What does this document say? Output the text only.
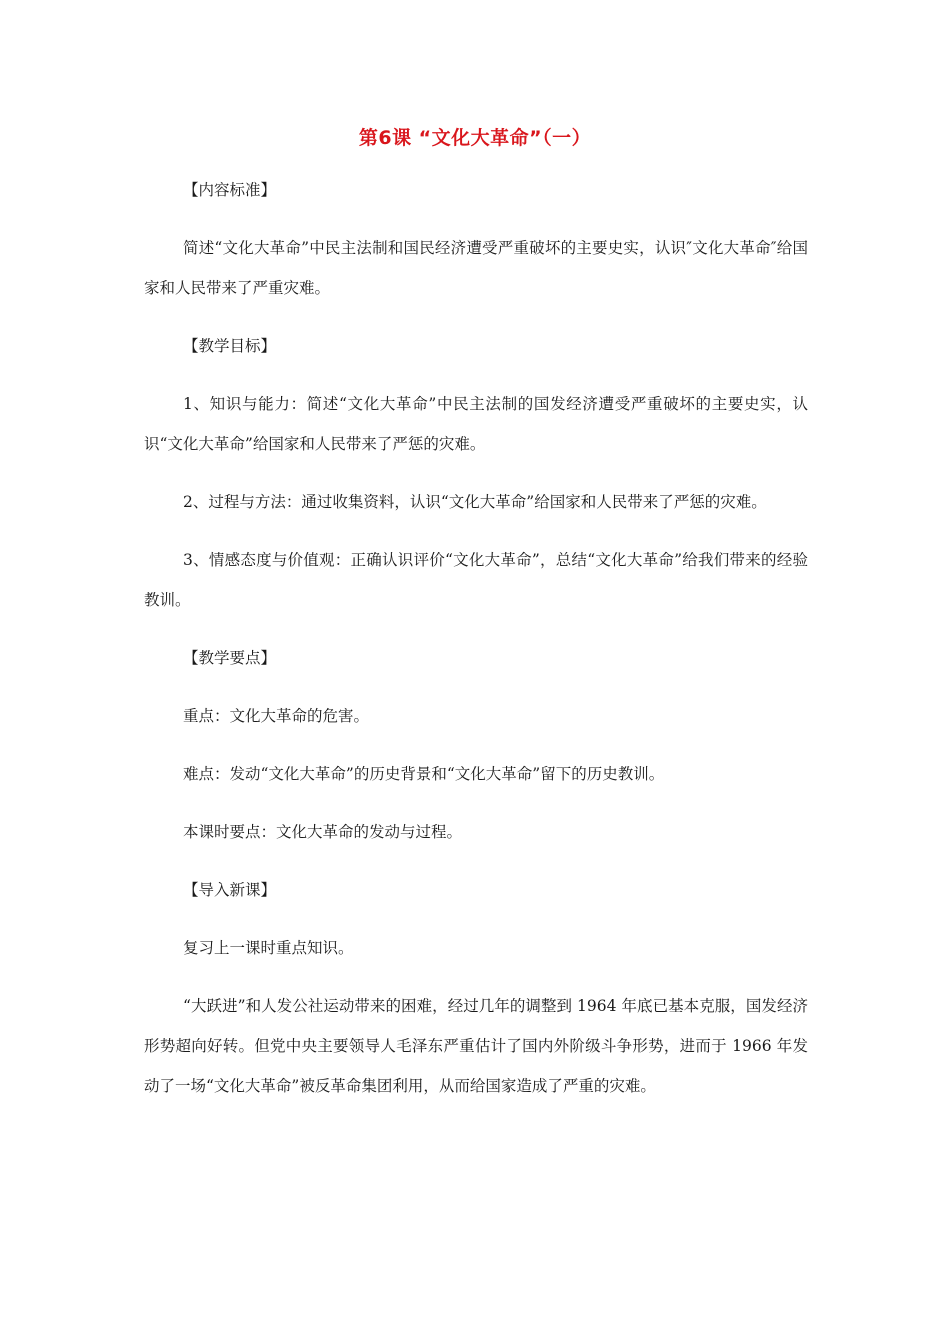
第6课 “文化大革命”（一）

【内容标准】

简述“文化大革命”中民主法制和国民经济遭受严重破坏的主要史实，认识″文化大革命″给国家和人民带来了严重灾难。

【教学目标】

1、知识与能力：简述“文化大革命”中民主法制的国发经济遭受严重破坏的主要史实，认识“文化大革命”给国家和人民带来了严惩的灾难。

2、过程与方法：通过收集资料，认识“文化大革命”给国家和人民带来了严惩的灾难。

3、情感态度与价值观：正确认识评价“文化大革命”，总结“文化大革命”给我们带来的经验教训。

【教学要点】

重点：文化大革命的危害。

难点：发动“文化大革命”的历史背景和“文化大革命”留下的历史教训。

本课时要点：文化大革命的发动与过程。

【导入新课】

复习上一课时重点知识。

“大跃进”和人发公社运动带来的困难，经过几年的调整到 1964 年底已基本克服，国发经济形势超向好转。但党中央主要领导人毛泽东严重估计了国内外阶级斗争形势，进而于 1966 年发动了一场“文化大革命”被反革命集团利用，从而给国家造成了严重的灾难。
